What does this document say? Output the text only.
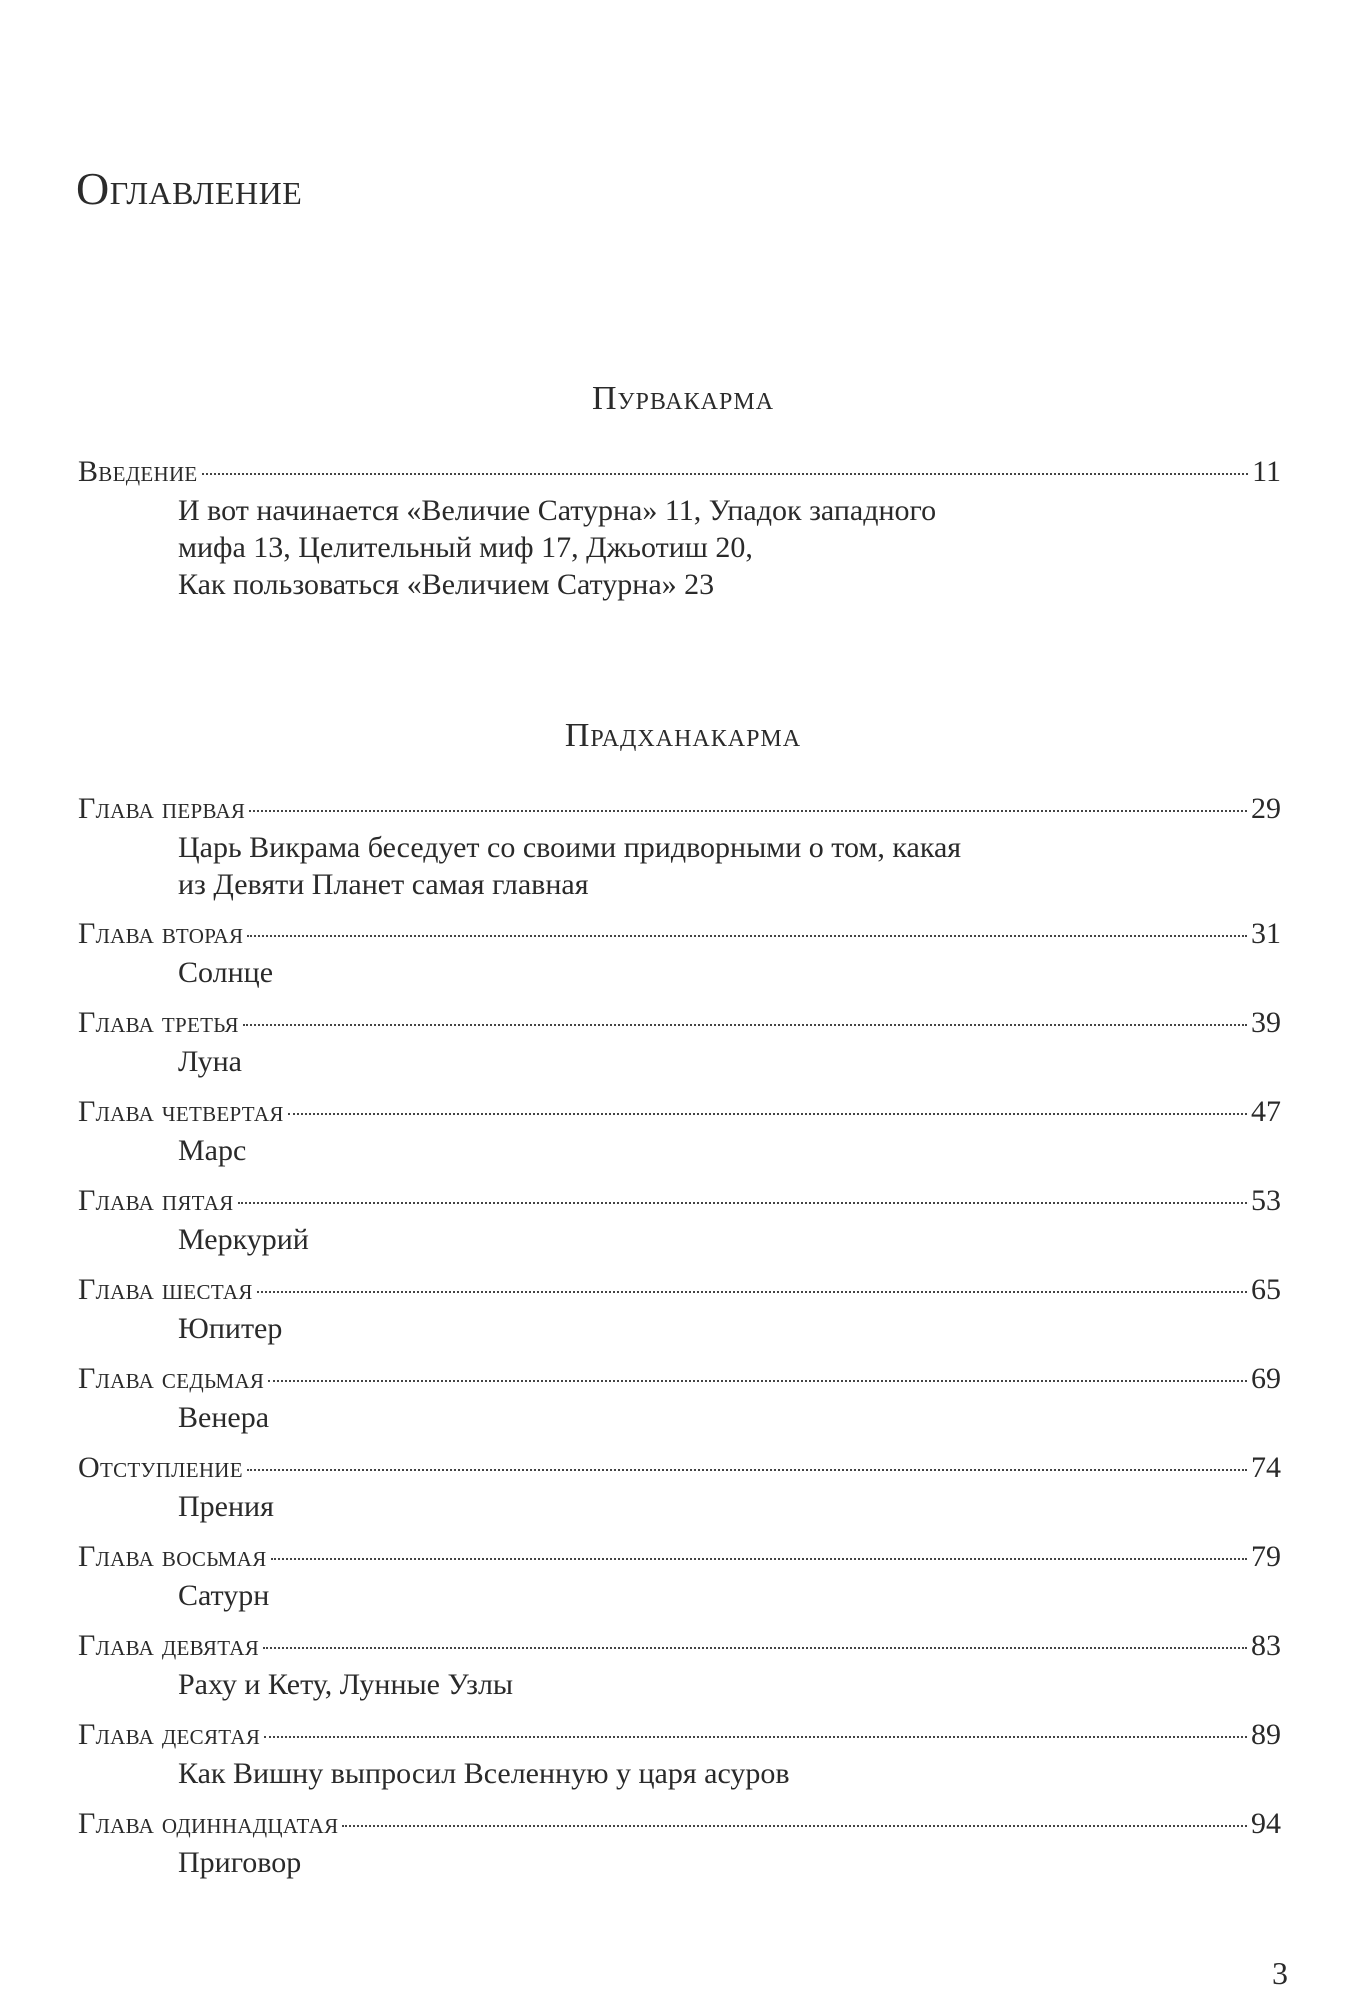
Оглавление
Пурвакарма
Введение	11
И вот начинается «Величие Сатурна» 11, Упадок западного
мифа 13, Целительный миф 17, Джьотиш 20,
Как пользоваться «Величием Сатурна» 23
Прадханакарма
Глава первая	29
Царь Викрама беседует со своими придворными о том, какая
из Девяти Планет самая главная
Глава вторая	31
Солнце
Глава третья	39
Луна
Глава четвертая	47
Марс
Глава пятая	53
Меркурий
Глава шестая	65
Юпитер
Глава седьмая	69
Венера
Отступление	74
Прения
Глава восьмая	79
Сатурн
Глава девятая	83
Раху и Кету, Лунные Узлы
Глава десятая	89
Как Вишну выпросил Вселенную у царя асуров
Глава одиннадцатая	94
Приговор
3
